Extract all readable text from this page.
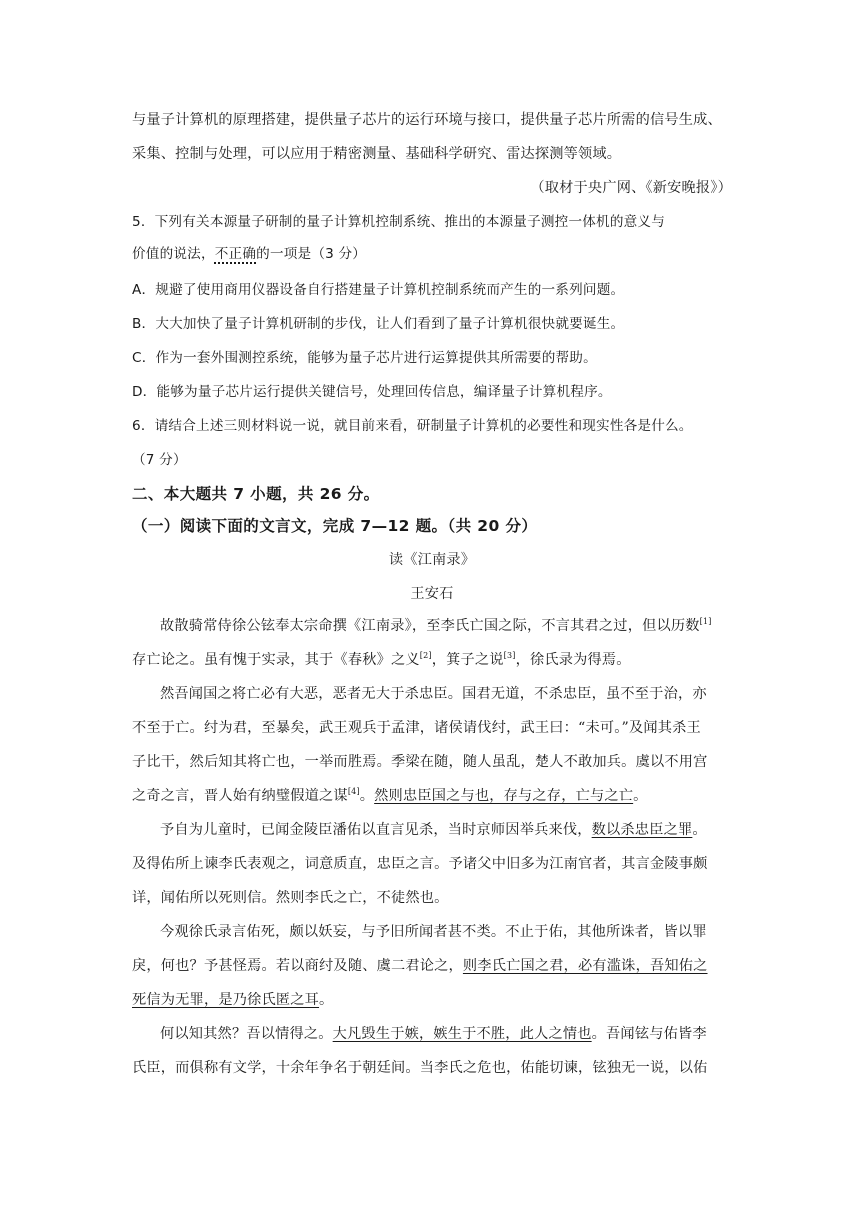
与量子计算机的原理搭建，提供量子芯片的运行环境与接口，提供量子芯片所需的信号生成、
采集、控制与处理，可以应用于精密测量、基础科学研究、雷达探测等领域。
（取材于央广网、《新安晚报》）
5．下列有关本源量子研制的量子计算机控制系统、推出的本源量子测控一体机的意义与
价值的说法，不正确的一项是（3 分）
A．规避了使用商用仪器设备自行搭建量子计算机控制系统而产生的一系列问题。
B．大大加快了量子计算机研制的步伐，让人们看到了量子计算机很快就要诞生。
C．作为一套外围测控系统，能够为量子芯片进行运算提供其所需要的帮助。
D．能够为量子芯片运行提供关键信号，处理回传信息，编译量子计算机程序。
6．请结合上述三则材料说一说，就目前来看，研制量子计算机的必要性和现实性各是什么。
（7 分）
二、本大题共 7 小题，共 26 分。
（一）阅读下面的文言文，完成 7—12 题。（共 20 分）
读《江南录》
王安石
故散骑常侍徐公铉奉太宗命撰《江南录》，至李氏亡国之际，不言其君之过，但以历数[1]
存亡论之。虽有愧于实录，其于《春秋》之义[2]，箕子之说[3]，徐氏录为得焉。
然吾闻国之将亡必有大恶，恶者无大于杀忠臣。国君无道，不杀忠臣，虽不至于治，亦
不至于亡。纣为君，至暴矣，武王观兵于孟津，诸侯请伐纣，武王曰：“未可。”及闻其杀王
子比干，然后知其将亡也，一举而胜焉。季梁在随，随人虽乱，楚人不敢加兵。虞以不用宫
之奇之言，晋人始有纳璧假道之谋[4]。然则忠臣国之与也，存与之存，亡与之亡。
予自为儿童时，已闻金陵臣潘佑以直言见杀，当时京师因举兵来伐，数以杀忠臣之罪。
及得佑所上谏李氏表观之，词意质直，忠臣之言。予诸父中旧多为江南官者，其言金陵事颇
详，闻佑所以死则信。然则李氏之亡，不徒然也。
今观徐氏录言佑死，颇以妖妄，与予旧所闻者甚不类。不止于佑，其他所诛者，皆以罪
戾，何也？予甚怪焉。若以商纣及随、虞二君论之，则李氏亡国之君，必有滥诛，吾知佑之
死信为无罪，是乃徐氏匿之耳。
何以知其然？吾以情得之。大凡毁生于嫉，嫉生于不胜，此人之情也。吾闻铉与佑皆李
氏臣，而俱称有文学，十余年争名于朝廷间。当李氏之危也，佑能切谏，铉独无一说，以佑
